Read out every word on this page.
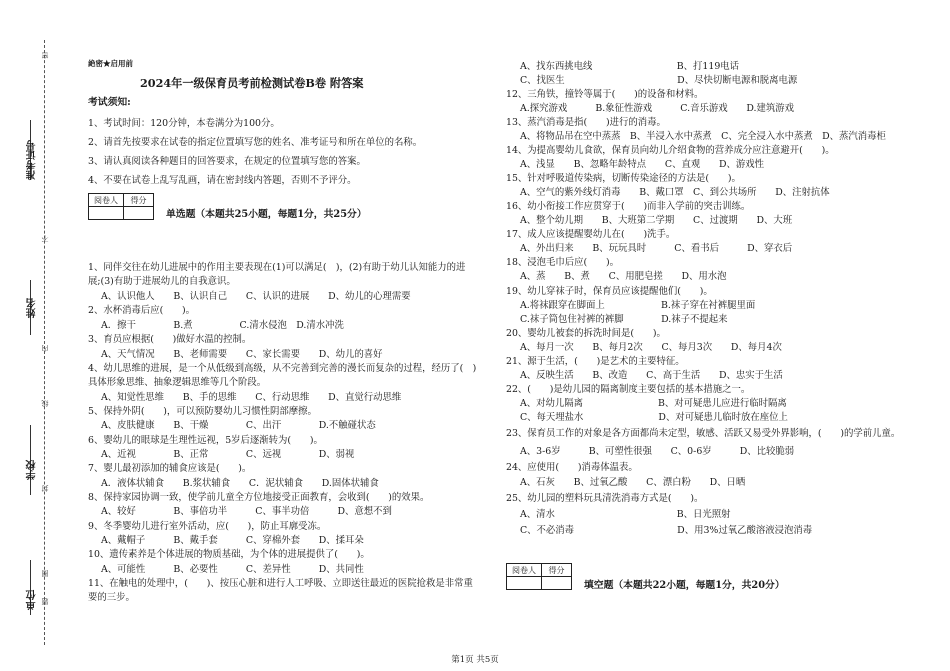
准考证号
姓名
学校
单位
密
不
内
线
封
圈
题
絶密★启用前
2024年一级保育员考前检测试卷B卷 附答案
考试须知:
1、考试时间：120分钟，本卷满分为100分。
2、请首先按要求在试卷的指定位置填写您的姓名、准考证号和所在单位的名称。
3、请认真阅读各种题目的回答要求，在规定的位置填写您的答案。
4、不要在试卷上乱写乱画，请在密封线内答题，否则不予评分。
阅卷人	得分

单选题（本题共25小题，每题1分，共25分）
1、同伴交往在幼儿进展中的作用主要表现在(1)可以满足(　)，(2)有助于幼儿认知能力的进
展;(3)有助于进展幼儿的自我意识。
A、认识他人　　B、认识自己　　C、认识的进展　　D、幼儿的心理需要
2、水杯消毒后应(　　)。
A．擦干　　　　B.煮　　　　　C.清水侵泡　D.清水冲洗
3、育员应根据(　　)做好水温的控制。
A、天气情况　　B、老师需要　　C、家长需要　　D、幼儿的喜好
4、幼儿思维的进展，是一个从低级到高级，从不完善到完善的漫长而复杂的过程，经历了(　)
具体形象思维、抽象逻辑思维等几个阶段。
A、知觉性思维　　B、手的思维　　C、行动思维　　D、直觉行动思维
5、保持外阴(　　)，可以预防婴幼儿习惯性阴部摩擦。
A、皮肤健康　　B、干燥　　　　C、出汗　　　　D.不触碰状态
6、婴幼儿的眼球是生理性远视，5岁后逐渐转为(　　)。
A、近视　　　　B、正常　　　　C、远视　　　　D、弱视
7、婴儿最初添加的辅食应该是(　　)。
A．液体状辅食　　B.浆状辅食　　C．泥状辅食　　D.固体状辅食
8、保持家园协调一致，使学前儿童全方位地接受正面教育，会收到(　　)的效果。
A、较好　　　　B、事倍功半　　　C、事半功倍　　　D、意想不到
9、冬季婴幼儿进行室外活动，应(　　)，防止耳廓受冻。
A、戴帽子　　　B、戴手套　　　C、穿棉外套　　D、揉耳朵
10、遗传素养是个体进展的物质基础，为个体的进展提供了(　　)。
A、可能性　　　B、必要性　　　C、差异性　　　D、共同性
11、在触电的处理中，(　　)、按压心脏和进行人工呼吸、立即送往最近的医院抢救是非常重
要的三步。
A、找东西挑电线　　　　　　　　　B、打119电话
C、找医生　　　　　　　　　　　　D、尽快切断电源和脱离电源
12、三角铁，撞铃等属于(　　)的设备和材料。
A.探究游戏　　　B.象征性游戏　　　C.音乐游戏　　D.建筑游戏
13、蒸汽消毒是指(　　)进行的消毒。
A、将物品吊在空中蒸蒸　B、半浸入水中蒸煮　C、完全浸入水中蒸煮　D、蒸汽消毒柜
14、为提高婴幼儿食欲，保育员向幼儿介绍食物的营养成分应注意避开(　　)。
A、浅显　　B、忽略年龄特点　　C、直观　　D、游戏性
15、针对呼吸道传染病，切断传染途径的方法是(　　)。
A、空气的紫外线灯消毒　　B、戴口罩　C、到公共场所　　D、注射抗体
16、幼小衔接工作应贯穿于(　　)而非入学前的突击训练。
A、整个幼儿期　　B、大班第二学期　　C、过渡期　　D、大班
17、成人应该提醒婴幼儿在(　　)洗手。
A、外出归来　　B、玩玩具时　　　C、看书后　　　D、穿衣后
18、浸泡毛巾后应(　　)。
A、蒸　　B、煮　　C、用肥皂搓　　D、用水泡
19、幼儿穿袜子时，保育员应该提醒他们(　　)。
A.将袜跟穿在脚面上　　　　　　B.袜子穿在衬裤腿里面
C.袜子筒包住衬裤的裤脚　　　　D.袜子不提起来
20、婴幼儿被套的拆洗时间是(　　)。
A、每月一次　　B、每月2次　　C、每月3次　　D、每月4次
21、源于生活，(　　)是艺术的主要特征。
A、反映生活　　B、改造　　C、高于生活　　D、忠实于生活
22、(　　)是幼儿园的隔离制度主要包括的基本措施之一。
A、对幼儿隔离　　　　　　　　B、对可疑患儿应进行临时隔离
C、每天埋盐水　　　　　　　　D、对可疑患儿临时放在座位上
23、保育员工作的对象是各方面都尚未定型，敏感、活跃又易受外界影响，(　　)的学前儿童。
A、3-6岁　　　B、可塑性很强　　C、0-6岁　　　D、比较脆弱
24、应使用(　　)消毒体温表。
A、石灰　　B、过氧乙酸　　C、漂白粉　　D、日晒
25、幼儿园的塑料玩具清洗消毒方式是(　　)。
A、清水　　　　　　　　　　　　　B、日光照射
C、不必消毒　　　　　　　　　　　D、用3%过氧乙酸溶液浸泡消毒
阅卷人	得分

填空题（本题共22小题，每题1分，共20分）
第1页 共5页
